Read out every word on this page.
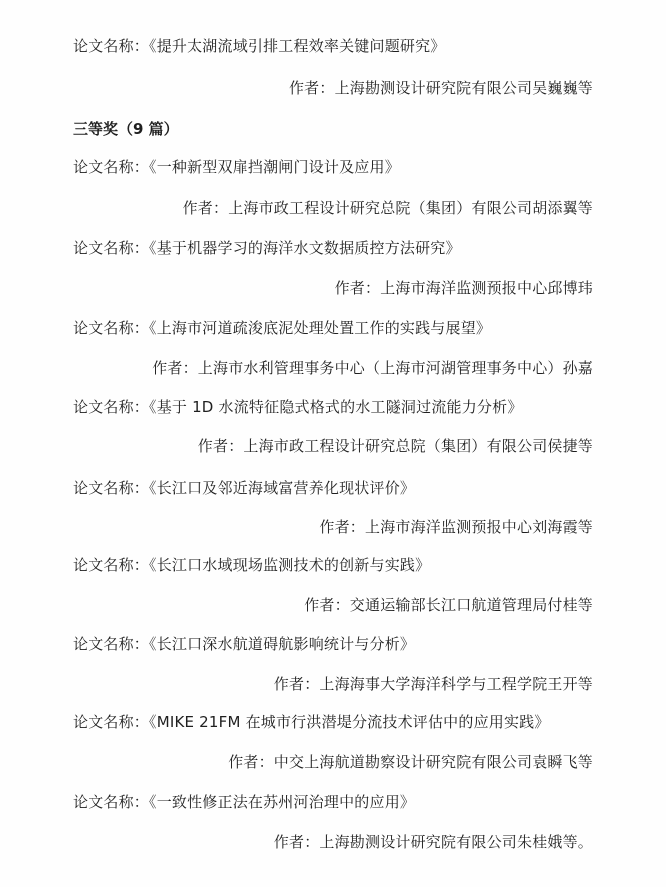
论文名称：《提升太湖流域引排工程效率关键问题研究》
作者：上海勘测设计研究院有限公司吴巍巍等
三等奖（9 篇）
论文名称：《一种新型双扉挡潮闸门设计及应用》
作者：上海市政工程设计研究总院（集团）有限公司胡添翼等
论文名称：《基于机器学习的海洋水文数据质控方法研究》
作者：上海市海洋监测预报中心邱博玮
论文名称：《上海市河道疏浚底泥处理处置工作的实践与展望》
作者：上海市水利管理事务中心（上海市河湖管理事务中心）孙嘉
论文名称：《基于 1D 水流特征隐式格式的水工隧洞过流能力分析》
作者：上海市政工程设计研究总院（集团）有限公司侯捷等
论文名称：《长江口及邻近海域富营养化现状评价》
作者：上海市海洋监测预报中心刘海霞等
论文名称：《长江口水域现场监测技术的创新与实践》
作者：交通运输部长江口航道管理局付桂等
论文名称：《长江口深水航道碍航影响统计与分析》
作者：上海海事大学海洋科学与工程学院王开等
论文名称：《MIKE 21FM 在城市行洪潜堤分流技术评估中的应用实践》
作者：中交上海航道勘察设计研究院有限公司袁瞬飞等
论文名称：《一致性修正法在苏州河治理中的应用》
作者：上海勘测设计研究院有限公司朱桂娥等。
